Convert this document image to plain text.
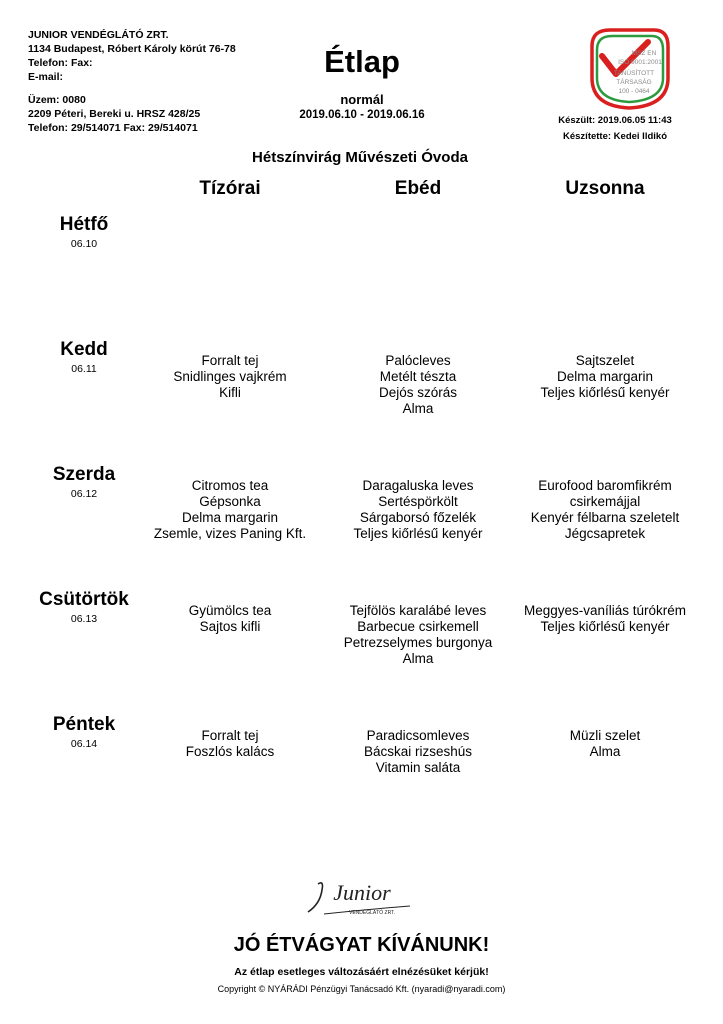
JUNIOR VENDÉGLÁTÓ ZRT.
1134 Budapest, Róbert Károly körút 76-78
Telefon: Fax:
E-mail:
Üzem: 0080
2209 Péteri, Bereki u. HRSZ 428/25
Telefon: 29/514071 Fax: 29/514071
Étlap
normál
2019.06.10 - 2019.06.16
MSZ EN
ISO 9001:2001
TANÚSÍTOTT
TÁRSASÁG
100 - 0464
Készült: 2019.06.05 11:43
Készítette: Kedei Ildikó
Hétszínvirág Művészeti Óvoda
Tízórai	Ebéd	Uzsonna
Hétfő
06.10
Kedd
06.11
Forralt tej
Snidlinges vajkrém
Kifli
Palócleves
Metélt tészta
Dejós szórás
Alma
Sajtszelet
Delma margarin
Teljes kiőrlésű kenyér
Szerda
06.12
Citromos tea
Gépsonka
Delma margarin
Zsemle, vizes Paning Kft.
Daragaluska leves
Sertéspörkölt
Sárgaborsó főzelék
Teljes kiőrlésű kenyér
Eurofood baromfikrém
csirkemájjal
Kenyér félbarna szeletelt
Jégcsapretek
Csütörtök
06.13
Gyümölcs tea
Sajtos kifli
Tejfölös karalábé leves
Barbecue csirkemell
Petrezselymes burgonya
Alma
Meggyes-vaníliás túrókrém
Teljes kiőrlésű kenyér
Péntek
06.14
Forralt tej
Foszlós kalács
Paradicsomleves
Bácskai rizseshús
Vitamin saláta
Müzli szelet
Alma
Junior
VENDÉGLÁTÓ ZRT.
JÓ ÉTVÁGYAT KÍVÁNUNK!
Az étlap esetleges változásáért elnézésüket kérjük!
Copyright © NYÁRÁDI Pénzügyi Tanácsadó Kft. (nyaradi@nyaradi.com)
